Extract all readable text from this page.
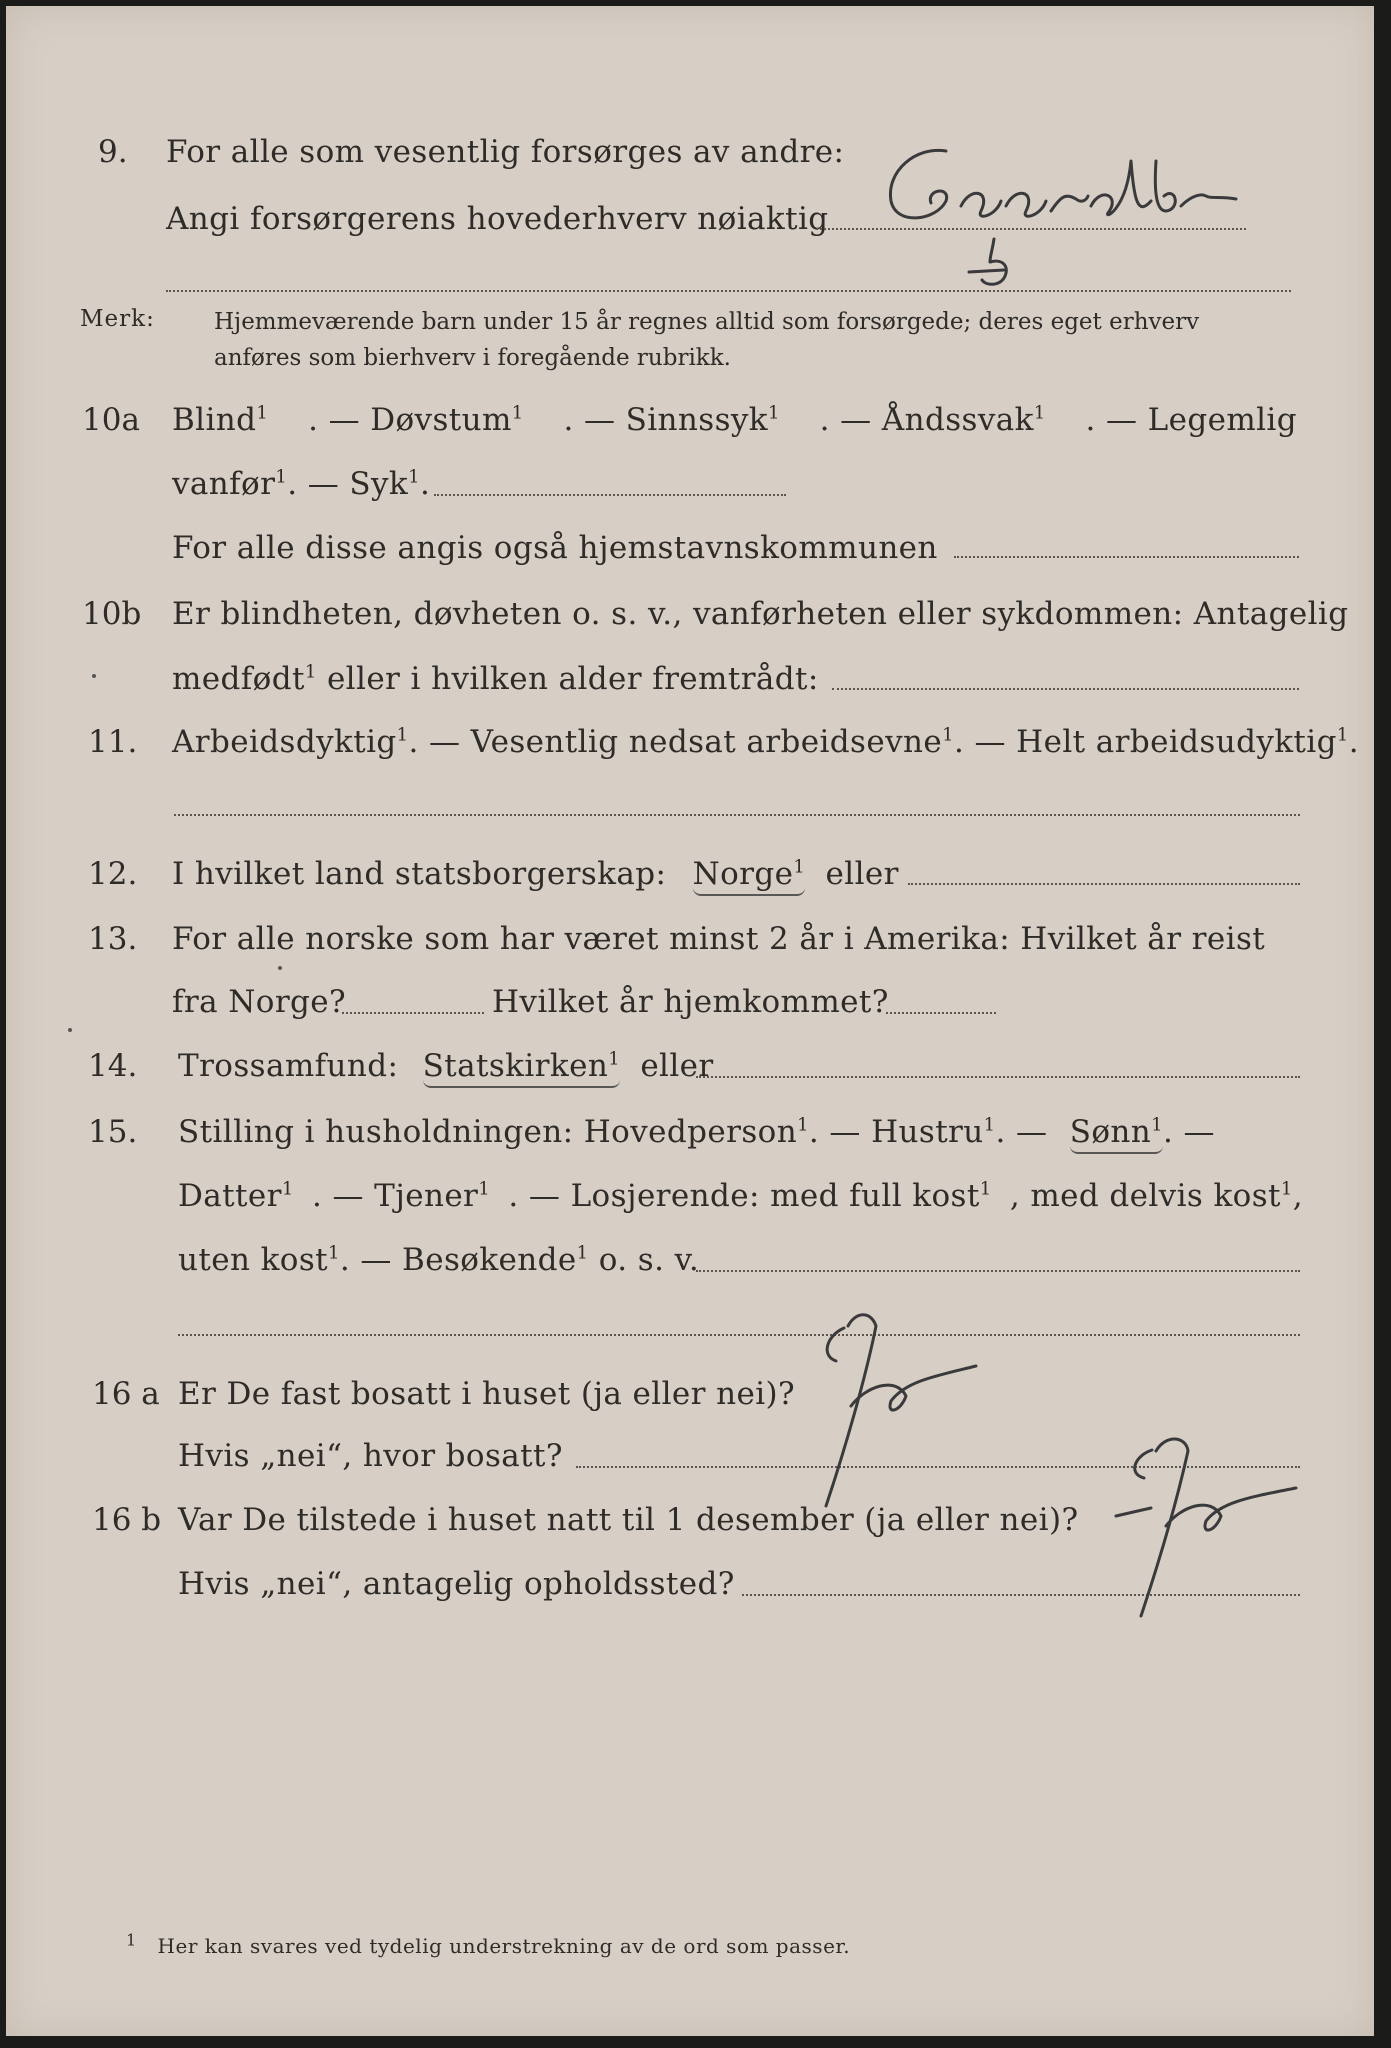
9. For alle som vesentlig forsørges av andre:
Angi forsørgerens hovederhverv nøiaktig
Merk:	Hjemmeværende barn under 15 år regnes alltid som forsørgede; deres eget erhverv
anføres som bierhverv i foregående rubrikk.
10a Blind$^1$ . — Døvstum$^1$ . — Sinnssyk$^1$ . — Åndssvak$^1$ . — Legemlig
vanfør$^1$. — Syk$^1$.
For alle disse angis også hjemstavnskommunen
10b Er blindheten, døvheten o. s. v., vanførheten eller sykdommen: Antagelig
medfødt$^1$ eller i hvilken alder fremtrådt:
11. Arbeidsdyktig$^1$. — Vesentlig nedsat arbeidsevne$^1$. — Helt arbeidsudyktig$^1$.
12. I hvilket land statsborgerskap: Norge$^1$ eller
13. For alle norske som har været minst 2 år i Amerika: Hvilket år reist
fra Norge?	Hvilket år hjemkommet?
14. Trossamfund: Statskirken$^1$ eller
15. Stilling i husholdningen: Hovedperson$^1$. — Hustru$^1$. — Sønn$^1$. —
Datter$^1$ . — Tjener$^1$ . — Losjerende: med full kost$^1$ , med delvis kost$^1$,
uten kost$^1$. — Besøkende$^1$ o. s. v.
16 a Er De fast bosatt i huset (ja eller nei)?
Hvis „nei“, hvor bosatt?
16 b Var De tilstede i huset natt til 1 desember (ja eller nei)?
Hvis „nei“, antagelig opholdssted?
$^1$ Her kan svares ved tydelig understrekning av de ord som passer.
